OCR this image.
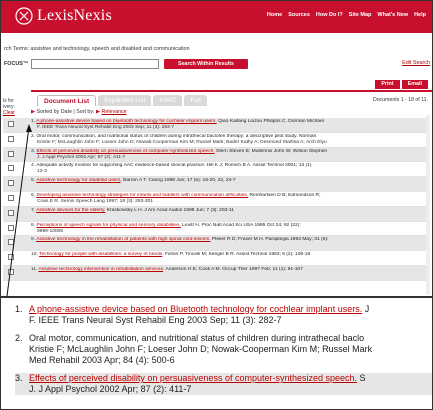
LexisNexis	Home Sources How Do I? Site Map What's New Help
rch Terms: assistive and technology, speech and disabled and communication
FOCUS™	Search Within Results	Edit Search
Print	Email
ls for
ivery:
Clear
Document List	Expanded List	KWIC	Full	Documents 1 - 18 of 11.
▶ Sorted by Date | Sort by: ▶ Relevance
1. A phone-assistive device based on bluetooth technology for cochlear implant users. Qiao Kaifang Loizou Philipos C. Dorman Michael
F. IEEE Trans Neural Syst Rehabil Eng 2003 Sep; 11 (3): 282-7
2. Oral motor, communication, and nutritional status of children during intrathecal baclofen therapy: a descriptive pilot study. Norman
Kristie F; McLaughlin John F; Loeser John D; Nowak-Cooperman Kim M; Russel Mark; Bader Kathy A; Desmond Starlina A; Arch Elyu
3. Effects of perceived disability on persuasiveness of computer-synthesized speech. Stern Steven E; Mullennix John W; Wilson Stephen
J. J Appl Psychol 2002 Apr; 87 (2): 411-7
4. Adequate activity monitor for supporting AAC evidence-based clinical practice. Hill K J; Romich B A. Assist Technol 2001; 13 (1)
12-3
5. Assistive technology for disabled users. Barron A T. Caring 1998 Jun; 17 (6): 18-20, 22, 24-7
6. Developing assistive technology strategies for infants and toddlers with communication difficulties. Reinhartsen D B; Edmondson R;
Crais E R. Semin Speech Lang 1997; 18 (3): 283-301
7. Assistive devices for the elderly. Kraskowsky L H. J Am Acad Audiol 1998 Jun; 7 (3): 203-11
8. Perceptions of speech signals for physical and sensory disabilities. Levitt H. Proc Natl Acad Sci USA 1995 Oct 24; 92 (22):
9999-10006
9. Assistive technology in the rehabilitation of patients with high spinal cord lesions. Pfeiler R D; Fraser M H. Paraplegia 1993 May; 31 (5):
10. Technology for people with disabilities: a survey of needs. Fisher P. Tincelli M; Seeger B R. Assist Technol 1993; 5 (2): 105-18
11. Assistive technology intervention in rehabilitation services. Anderson H E; Cook A M. Occup Ther 1997 Feb; 11 (1): 91-107
1. A phone-assistive device based on Bluetooth technology for cochlear implant users. J
F. IEEE Trans Neural Syst Rehabil Eng 2003 Sep; 11 (3): 282-7
2. Oral motor, communication, and nutritional status of children during intrathecal baclo
Kristie F; McLaughlin John F; Loeser John D; Nowak-Cooperman Kim M; Russel Mark
Med Rehabil 2003 Apr; 84 (4): 500-6
3. Effects of perceived disability on persuasiveness of computer-synthesized speech. S
J. J Appl Psychol 2002 Apr; 87 (2): 411-7
